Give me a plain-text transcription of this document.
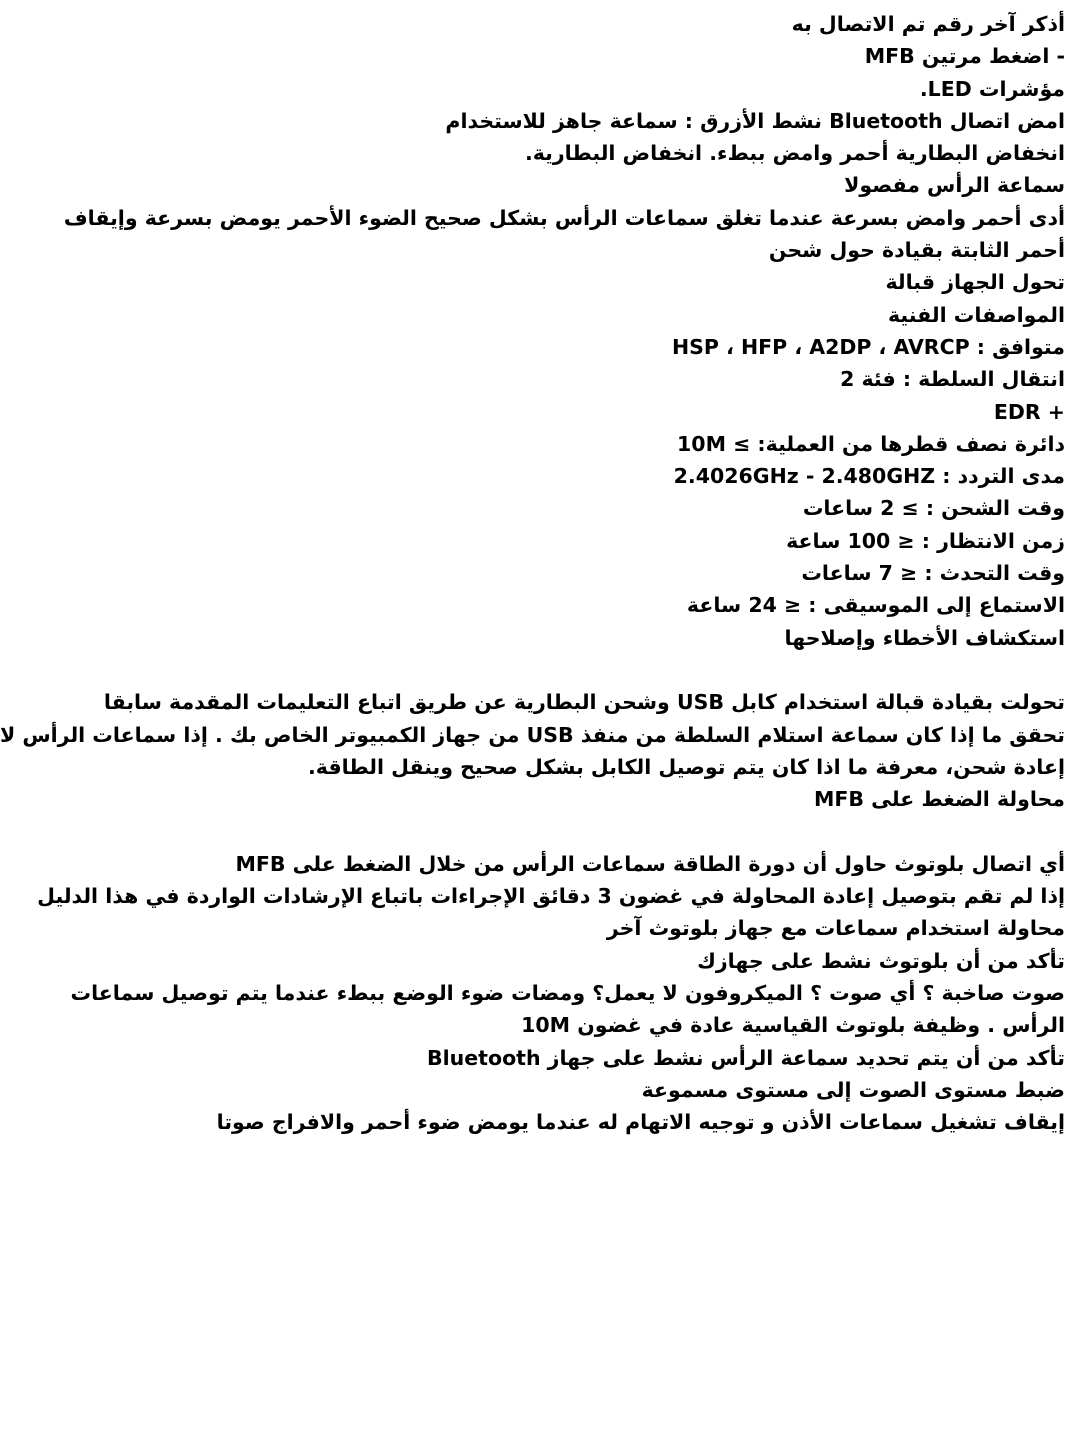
أذكر آخر رقم تم الاتصال به
- اضغط مرتين MFB
مؤشرات LED.
امض اتصال Bluetooth نشط الأزرق : سماعة جاهز للاستخدام
انخفاض البطارية أحمر وامض ببطء. انخفاض البطارية.
سماعة الرأس مفصولا
أدى أحمر وامض بسرعة عندما تغلق سماعات الرأس بشكل صحيح الضوء الأحمر يومض بسرعة وإيقاف
أحمر الثابتة بقيادة حول شحن
تحول الجهاز قبالة
المواصفات الفنية
متوافق : HSP ، HFP ، A2DP ، AVRCP
انتقال السلطة : فئة 2
+ EDR
دائرة نصف قطرها من العملية: ≥ 10M
مدى التردد : 2.4026GHz - 2.480GHZ
وقت الشحن : ≥ 2 ساعات
زمن الانتظار : ≤ 100 ساعة
وقت التحدث : ≤ 7 ساعات
الاستماع إلى الموسيقى : ≤ 24 ساعة
استكشاف الأخطاء وإصلاحها
تحولت بقيادة قبالة استخدام كابل USB وشحن البطارية عن طريق اتباع التعليمات المقدمة سابقا
تحقق ما إذا كان سماعة استلام السلطة من منفذ USB من جهاز الكمبيوتر الخاص بك . إذا سماعات الرأس لا
إعادة شحن، معرفة ما اذا كان يتم توصيل الكابل بشكل صحيح وينقل الطاقة.
محاولة الضغط على MFB
أي اتصال بلوتوث حاول أن دورة الطاقة سماعات الرأس من خلال الضغط على MFB
إذا لم تقم بتوصيل إعادة المحاولة في غضون 3 دقائق الإجراءات باتباع الإرشادات الواردة في هذا الدليل
محاولة استخدام سماعات مع جهاز بلوتوث آخر
تأكد من أن بلوتوث نشط على جهازك
صوت صاخبة ؟ أي صوت ؟ الميكروفون لا يعمل؟ ومضات ضوء الوضع ببطء عندما يتم توصيل سماعات
الرأس . وظيفة بلوتوث القياسية عادة في غضون 10M
تأكد من أن يتم تحديد سماعة الرأس نشط على جهاز Bluetooth
ضبط مستوى الصوت إلى مستوى مسموعة
إيقاف تشغيل سماعات الأذن و توجيه الاتهام له عندما يومض ضوء أحمر والافراج صوتا
